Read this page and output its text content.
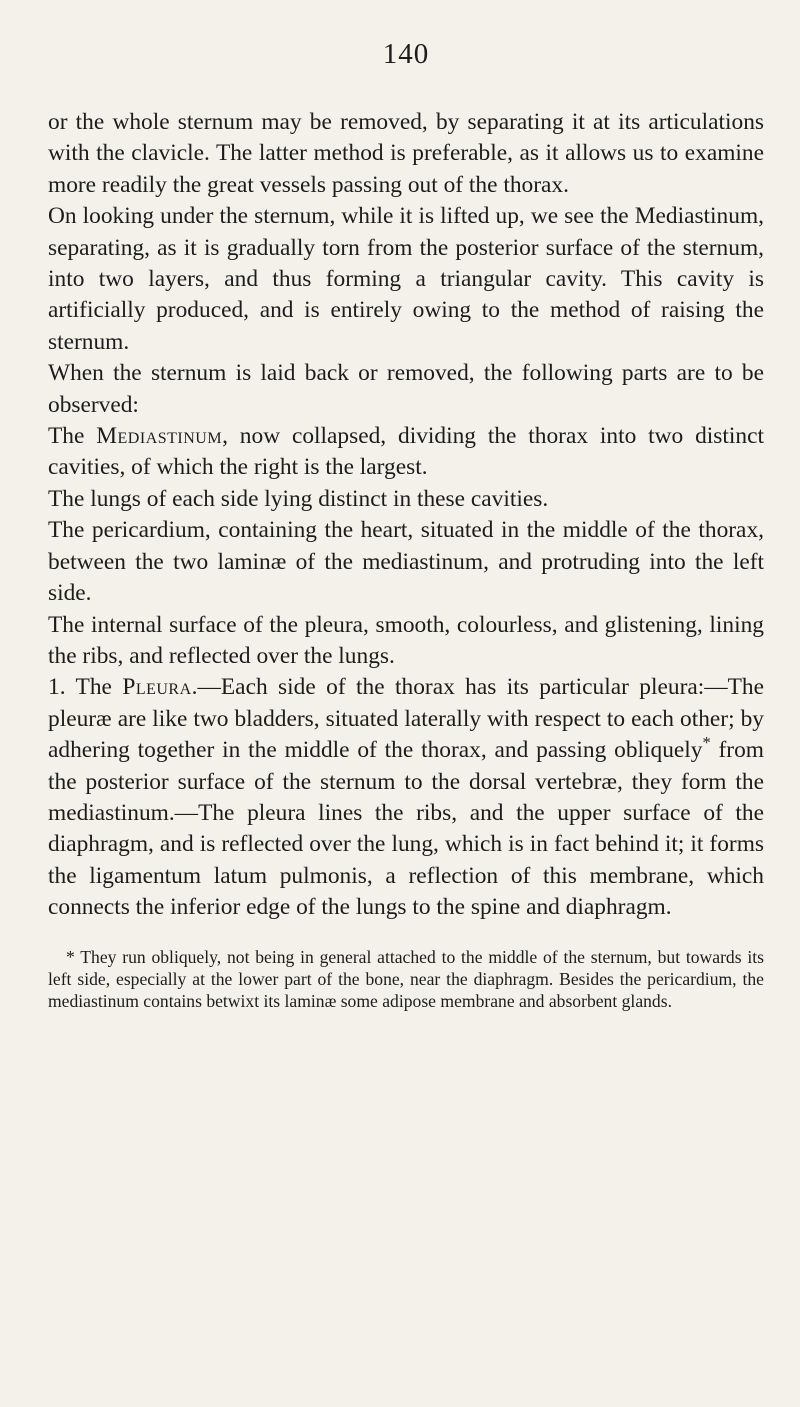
140

or the whole sternum may be removed, by separating it at its articulations with the clavicle. The latter method is preferable, as it allows us to examine more readily the great vessels passing out of the thorax.

On looking under the sternum, while it is lifted up, we see the Mediastinum, separating, as it is gradually torn from the posterior surface of the sternum, into two layers, and thus forming a triangular cavity. This cavity is artificially produced, and is entirely owing to the method of raising the sternum.

When the sternum is laid back or removed, the following parts are to be observed:

The Mediastinum, now collapsed, dividing the thorax into two distinct cavities, of which the right is the largest.

The lungs of each side lying distinct in these cavities.

The pericardium, containing the heart, situated in the middle of the thorax, between the two laminæ of the mediastinum, and protruding into the left side.

The internal surface of the pleura, smooth, colourless, and glistening, lining the ribs, and reflected over the lungs.

1. The Pleura.—Each side of the thorax has its particular pleura:—The pleuræ are like two bladders, situated laterally with respect to each other; by adhering together in the middle of the thorax, and passing obliquely* from the posterior surface of the sternum to the dorsal vertebræ, they form the mediastinum.—The pleura lines the ribs, and the upper surface of the diaphragm, and is reflected over the lung, which is in fact behind it; it forms the ligamentum latum pulmonis, a reflection of this membrane, which connects the inferior edge of the lungs to the spine and diaphragm.

* They run obliquely, not being in general attached to the middle of the sternum, but towards its left side, especially at the lower part of the bone, near the diaphragm. Besides the pericardium, the mediastinum contains betwixt its laminæ some adipose membrane and absorbent glands.
